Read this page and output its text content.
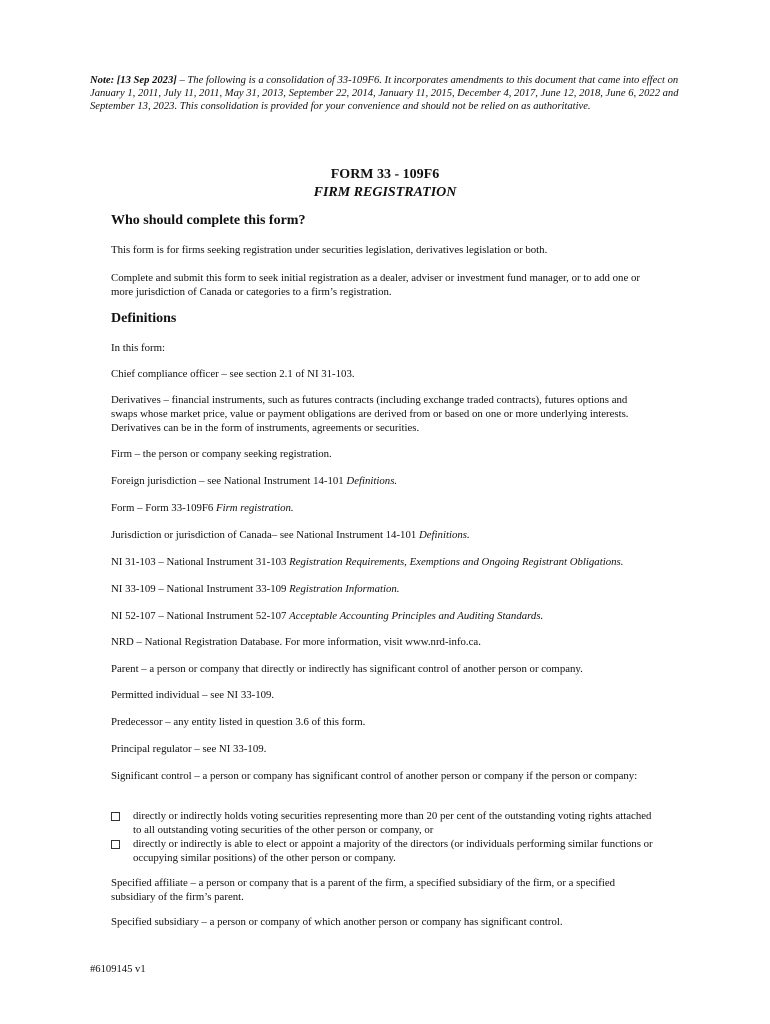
Note: [13 Sep 2023] – The following is a consolidation of 33-109F6. It incorporates amendments to this document that came into effect on January 1, 2011, July 11, 2011, May 31, 2013, September 22, 2014, January 11, 2015, December 4, 2017, June 12, 2018, June 6, 2022 and September 13, 2023. This consolidation is provided for your convenience and should not be relied on as authoritative.

FORM 33 - 109F6

FIRM REGISTRATION

Who should complete this form?

This form is for firms seeking registration under securities legislation, derivatives legislation or both.

Complete and submit this form to seek initial registration as a dealer, adviser or investment fund manager, or to add one or more jurisdiction of Canada or categories to a firm’s registration.

Definitions

In this form:

Chief compliance officer – see section 2.1 of NI 31-103.

Derivatives – financial instruments, such as futures contracts (including exchange traded contracts), futures options and swaps whose market price, value or payment obligations are derived from or based on one or more underlying interests. Derivatives can be in the form of instruments, agreements or securities.

Firm – the person or company seeking registration.

Foreign jurisdiction – see National Instrument 14-101 Definitions.

Form – Form 33-109F6 Firm registration.

Jurisdiction or jurisdiction of Canada– see National Instrument 14-101 Definitions.

NI 31-103 – National Instrument 31-103 Registration Requirements, Exemptions and Ongoing Registrant Obligations.

NI 33-109 – National Instrument 33-109 Registration Information.

NI 52-107 – National Instrument 52-107 Acceptable Accounting Principles and Auditing Standards.

NRD – National Registration Database. For more information, visit www.nrd-info.ca.

Parent – a person or company that directly or indirectly has significant control of another person or company.

Permitted individual – see NI 33-109.

Predecessor – any entity listed in question 3.6 of this form.

Principal regulator – see NI 33-109.

Significant control – a person or company has significant control of another person or company if the person or company:

directly or indirectly holds voting securities representing more than 20 per cent of the outstanding voting rights attached to all outstanding voting securities of the other person or company, or
directly or indirectly is able to elect or appoint a majority of the directors (or individuals performing similar functions or occupying similar positions) of the other person or company.

Specified affiliate – a person or company that is a parent of the firm, a specified subsidiary of the firm, or a specified subsidiary of the firm’s parent.

Specified subsidiary – a person or company of which another person or company has significant control.

#6109145 v1
